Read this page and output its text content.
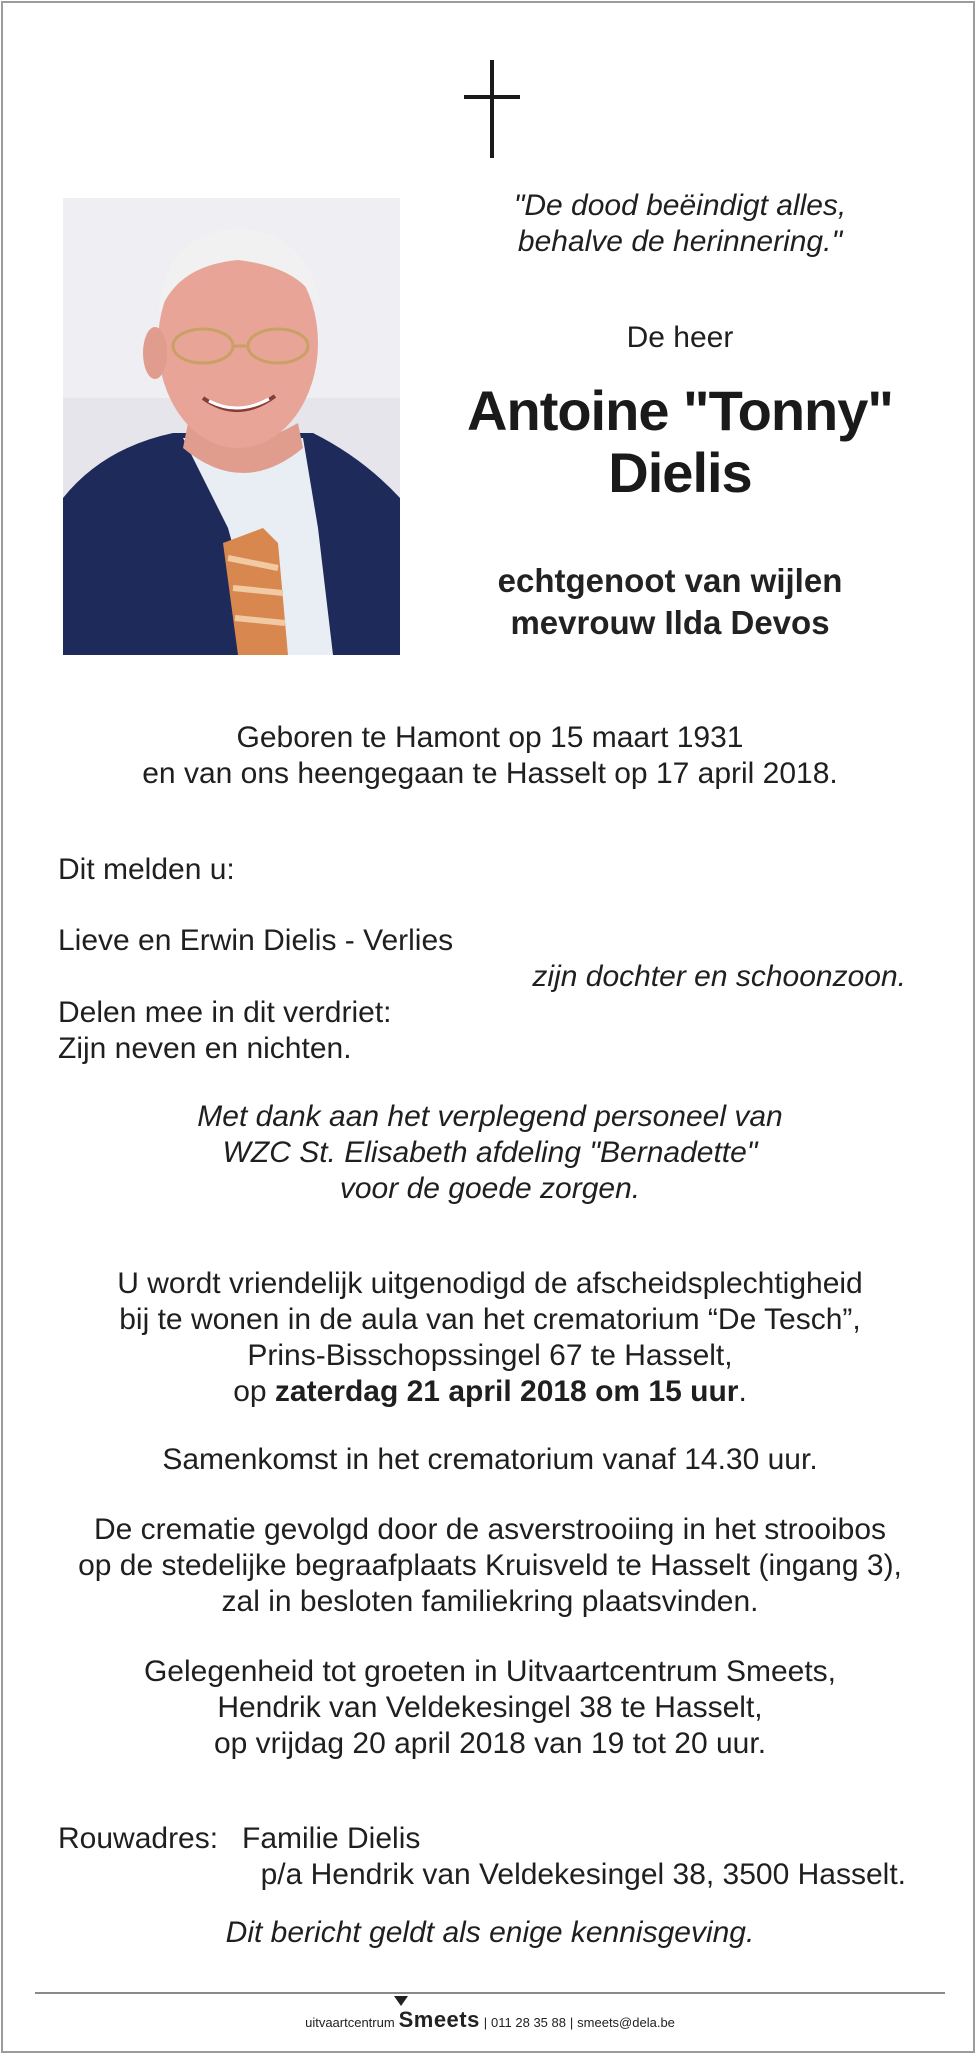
"De dood beëindigt alles,
behalve de herinnering."
De heer
Antoine "Tonny"
Dielis
echtgenoot van wijlen
mevrouw Ilda Devos
Geboren te Hamont op 15 maart 1931
en van ons heengegaan te Hasselt op 17 april 2018.
Dit melden u:
Lieve en Erwin Dielis - Verlies
zijn dochter en schoonzoon.
Delen mee in dit verdriet:
Zijn neven en nichten.
Met dank aan het verplegend personeel van
WZC St. Elisabeth afdeling "Bernadette"
voor de goede zorgen.
U wordt vriendelijk uitgenodigd de afscheidsplechtigheid
bij te wonen in de aula van het crematorium “De Tesch”,
Prins-Bisschopssingel 67 te Hasselt,
op zaterdag 21 april 2018 om 15 uur.
Samenkomst in het crematorium vanaf 14.30 uur.
De crematie gevolgd door de asverstrooiing in het strooibos
op de stedelijke begraafplaats Kruisveld te Hasselt (ingang 3),
zal in besloten familiekring plaatsvinden.
Gelegenheid tot groeten in Uitvaartcentrum Smeets,
Hendrik van Veldekesingel 38 te Hasselt,
op vrijdag 20 april 2018 van 19 tot 20 uur.
Rouwadres: Familie Dielis
p/a Hendrik van Veldekesingel 38, 3500 Hasselt.
Dit bericht geldt als enige kennisgeving.
uitvaartcentrum Smeets | 011 28 35 88 | smeets@dela.be
